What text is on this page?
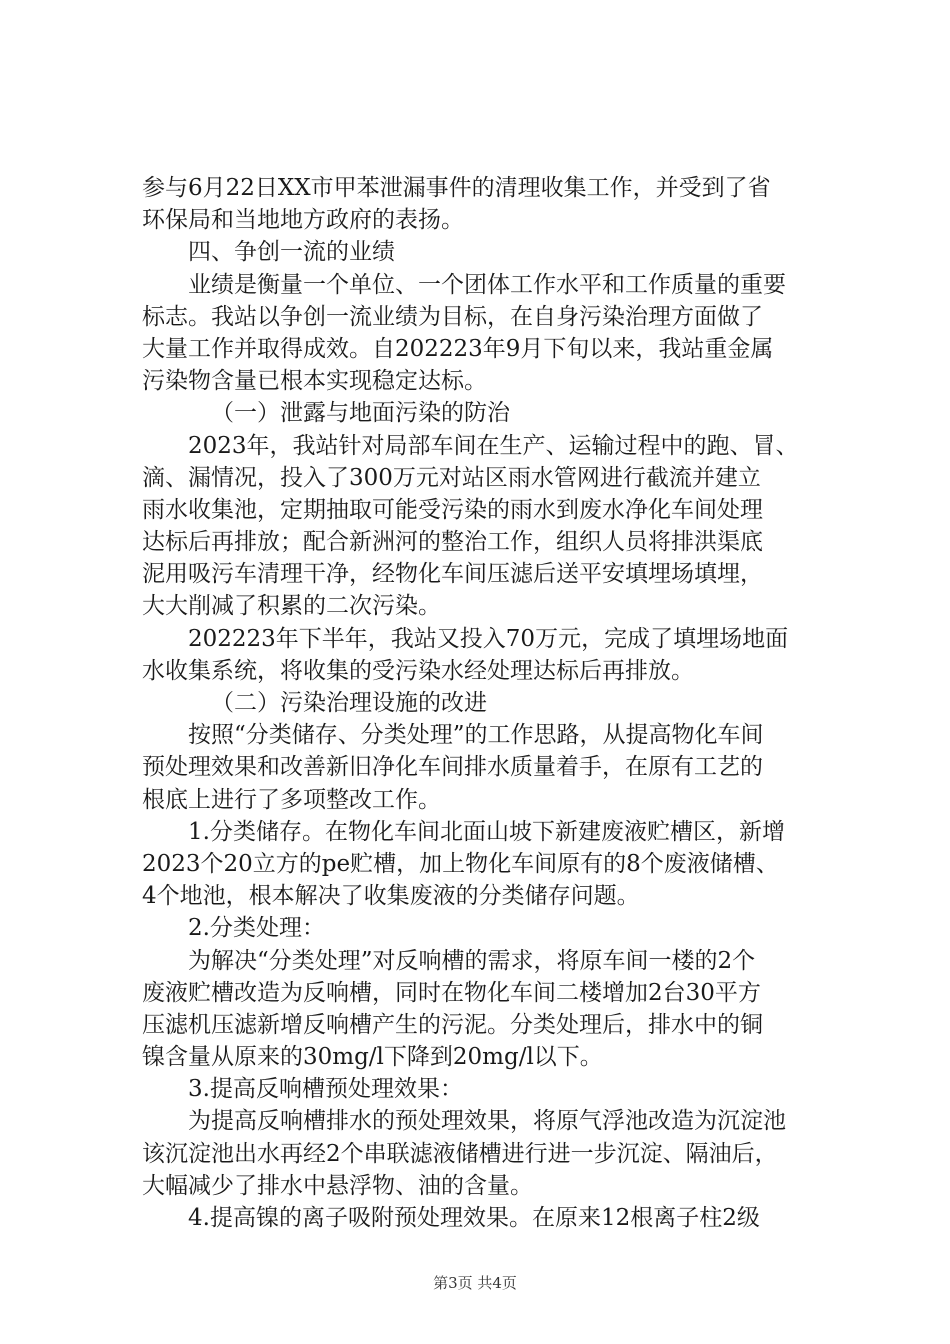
参与6月22日XX市甲苯泄漏事件的清理收集工作，并受到了省
环保局和当地地方政府的表扬。
四、争创一流的业绩
业绩是衡量一个单位、一个团体工作水平和工作质量的重要
标志。我站以争创一流业绩为目标，在自身污染治理方面做了
大量工作并取得成效。自202223年9月下旬以来，我站重金属
污染物含量已根本实现稳定达标。
（一）泄露与地面污染的防治
2023年，我站针对局部车间在生产、运输过程中的跑、冒、
滴、漏情况，投入了300万元对站区雨水管网进行截流并建立
雨水收集池，定期抽取可能受污染的雨水到废水净化车间处理
达标后再排放；配合新洲河的整治工作，组织人员将排洪渠底
泥用吸污车清理干净，经物化车间压滤后送平安填埋场填埋，
大大削减了积累的二次污染。
202223年下半年，我站又投入70万元，完成了填埋场地面
水收集系统，将收集的受污染水经处理达标后再排放。
（二）污染治理设施的改进
按照“分类储存、分类处理”的工作思路，从提高物化车间
预处理效果和改善新旧净化车间排水质量着手，在原有工艺的
根底上进行了多项整改工作。
1.分类储存。在物化车间北面山坡下新建废液贮槽区，新增
2023个20立方的pe贮槽，加上物化车间原有的8个废液储槽、
4个地池，根本解决了收集废液的分类储存问题。
2.分类处理：
为解决“分类处理”对反响槽的需求，将原车间一楼的2个
废液贮槽改造为反响槽，同时在物化车间二楼增加2台30平方
压滤机压滤新增反响槽产生的污泥。分类处理后，排水中的铜
镍含量从原来的30mg/l下降到20mg/l以下。
3.提高反响槽预处理效果：
为提高反响槽排水的预处理效果，将原气浮池改造为沉淀池
该沉淀池出水再经2个串联滤液储槽进行进一步沉淀、隔油后，
大幅减少了排水中悬浮物、油的含量。
4.提高镍的离子吸附预处理效果。在原来12根离子柱2级
第3页 共4页
